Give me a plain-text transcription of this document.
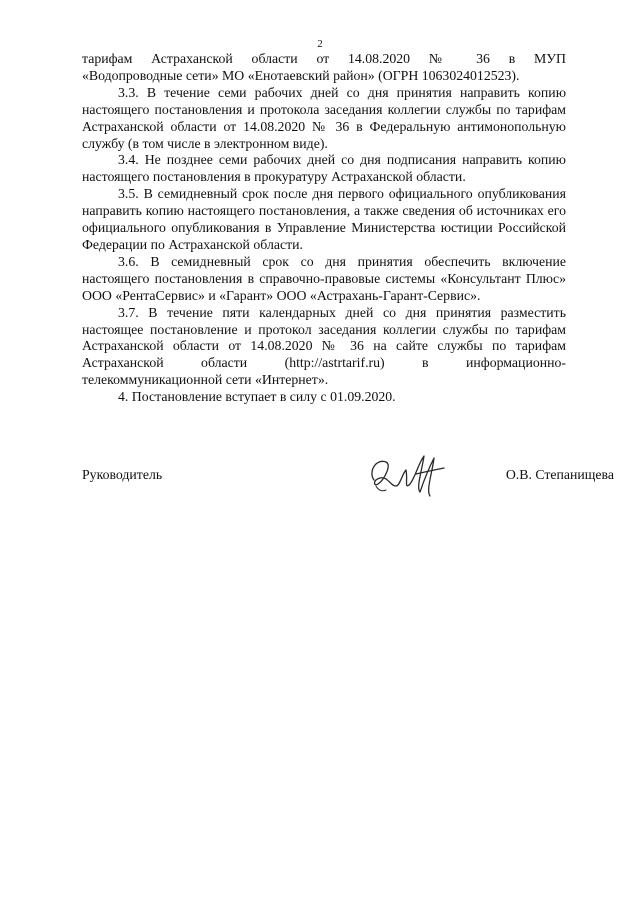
2

тарифам Астраханской области от 14.08.2020 № 36 в МУП

«Водопроводные сети» МО «Енотаевский район» (ОГРН 1063024012523).

3.3. В течение семи рабочих дней со дня принятия направить копию настоящего постановления и протокола заседания коллегии службы по тарифам Астраханской области от 14.08.2020 № 36 в Федеральную антимонопольную службу (в том числе в электронном виде).

3.4. Не позднее семи рабочих дней со дня подписания направить копию настоящего постановления в прокуратуру Астраханской области.

3.5. В семидневный срок после дня первого официального опубликования направить копию настоящего постановления, а также сведения об источниках его официального опубликования в Управление Министерства юстиции Российской Федерации по Астраханской области.

3.6. В семидневный срок со дня принятия обеспечить включение настоящего постановления в справочно-правовые системы «Консультант Плюс» ООО «РентаСервис» и «Гарант» ООО «Астрахань-Гарант-Сервис».

3.7. В течение пяти календарных дней со дня принятия разместить настоящее постановление и протокол заседания коллегии службы по тарифам Астраханской области от 14.08.2020 № 36 на сайте службы по тарифам Астраханской области (http://astrtarif.ru) в информационно-телекоммуникационной сети «Интернет».

4. Постановление вступает в силу с 01.09.2020.

Руководитель	О.В. Степанищева
